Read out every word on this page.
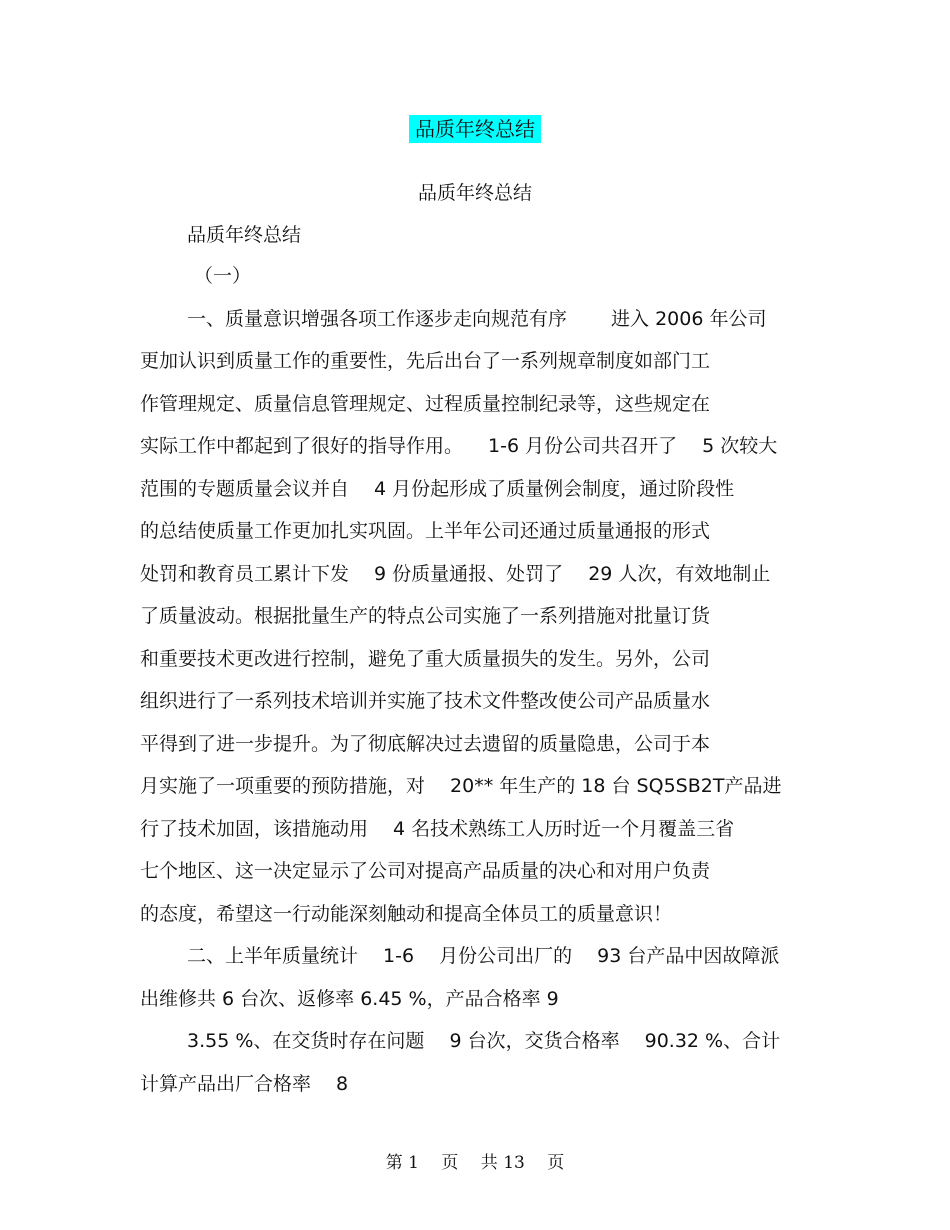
品质年终总结
品质年终总结
品质年终总结
（一）
一、质量意识增强各项工作逐步走向规范有序 　　进入 2006 年公司
更加认识到质量工作的重要性，先后出台了一系列规章制度如部门工
作管理规定、质量信息管理规定、过程质量控制纪录等，这些规定在
实际工作中都起到了很好的指导作用。 　1-6 月份公司共召开了 　5 次较大
范围的专题质量会议并自 　4 月份起形成了质量例会制度，通过阶段性
的总结使质量工作更加扎实巩固。上半年公司还通过质量通报的形式
处罚和教育员工累计下发 　9 份质量通报、处罚了 　29 人次，有效地制止
了质量波动。根据批量生产的特点公司实施了一系列措施对批量订货
和重要技术更改进行控制，避免了重大质量损失的发生。另外，公司
组织进行了一系列技术培训并实施了技术文件整改使公司产品质量水
平得到了进一步提升。为了彻底解决过去遗留的质量隐患，公司于本
月实施了一项重要的预防措施，对 　20** 年生产的 18 台 SQ5SB2T产品进
行了技术加固，该措施动用 　4 名技术熟练工人历时近一个月覆盖三省
七个地区、这一决定显示了公司对提高产品质量的决心和对用户负责
的态度，希望这一行动能深刻触动和提高全体员工的质量意识！
二、上半年质量统计 　1-6 　月份公司出厂的 　93 台产品中因故障派
出维修共 6 台次、返修率 6.45 %，产品合格率 9
3.55 %、在交货时存在问题 　9 台次，交货合格率 　90.32 %、合计
计算产品出厂合格率 　8
第 1 　页 　共 13 　页
